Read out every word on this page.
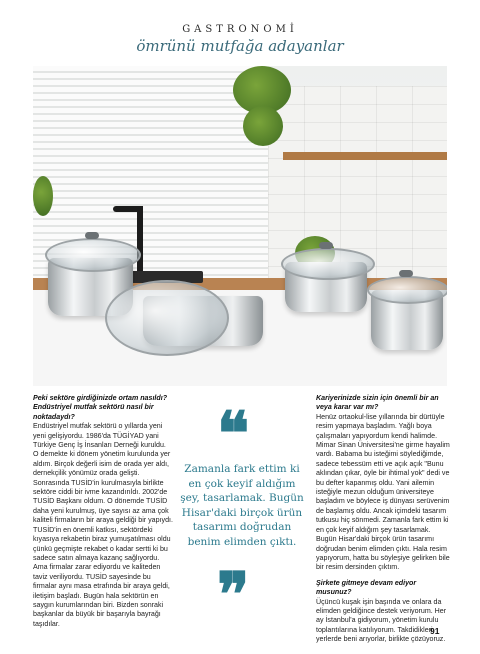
GASTRONOMİ
ömrünü mutfağa adayanlar
Peki sektöre girdiğinizde ortam nasıldı? Endüstriyel mutfak sektörü nasıl bir noktadaydı?
Endüstriyel mutfak sektörü o yıllarda yeni yeni gelişiyordu. 1986'da TÜGİYAD yani Türkiye Genç İş İnsanları Derneği kuruldu. O demekte ki dönem yönetim kurulunda yer aldım. Birçok değerli isim de orada yer aldı, dernekçilik yönümüz orada gelişti. Sonrasında TUSİD'in kurulmasıyla birlikte sektöre ciddi bir ivme kazandırıldı. 2002'de TUSİD Başkanı oldum. O dönemde TUSİD daha yeni kurulmuş, üye sayısı az ama çok kaliteli firmaların bir araya geldiği bir yapıydı. TUSİD'in en önemli katkısı, sektördeki kıyasıya rekabetin biraz yumuşatılması oldu çünkü geçmişte rekabet o kadar sertti ki bu sadece satın almaya kazanç sağlıyordu. Ama firmalar zarar ediyordu ve kaliteden taviz veriliyordu. TUSİD sayesinde bu firmalar aynı masa etrafında bir araya geldi, iletişim başladı. Bugün hala sektörün en saygın kurumlarından biri. Bizden sonraki başkanlar da büyük bir başarıyla bayrağı taşıdılar.
❝
Zamanla fark ettim ki en çok keyif aldığım şey, tasarlamak. Bugün Hisar'daki birçok ürün tasarımı doğrudan benim elimden çıktı.
❞
Kariyerinizde sizin için önemli bir an veya karar var mı?
Henüz ortaokul-lise yıllarında bir dürtüyle resim yapmaya başladım. Yağlı boya çalışmaları yapıyordum kendi halimde. Mimar Sinan Üniversitesi'ne girme hayalim vardı. Babama bu isteğimi söylediğimde, sadece tebessüm etti ve açık açık "Bunu aklından çıkar, öyle bir ihtimal yok" dedi ve bu defter kapanmış oldu. Yani ailemin isteğiyle mezun olduğum üniversiteye başladım ve böylece iş dünyası serüvenim de başlamış oldu. Ancak içimdeki tasarım tutkusu hiç sönmedi. Zamanla fark ettim ki en çok keyif aldığım şey tasarlamak. Bugün Hisar'daki birçok ürün tasarımı doğrudan benim elimden çıktı. Hala resim yapıyorum, hatta bu söyleşiye gelirken bile bir resim dersinden çıktım.
Şirkete gitmeye devam ediyor musunuz?
Üçüncü kuşak işin başında ve onlara da elimden geldiğince destek veriyorum. Her ay İstanbul'a gidiyorum, yönetim kurulu toplantılarına katılıyorum. Takdidikleri yerlerde beni arıyorlar, birlikte çözüyoruz.
91
